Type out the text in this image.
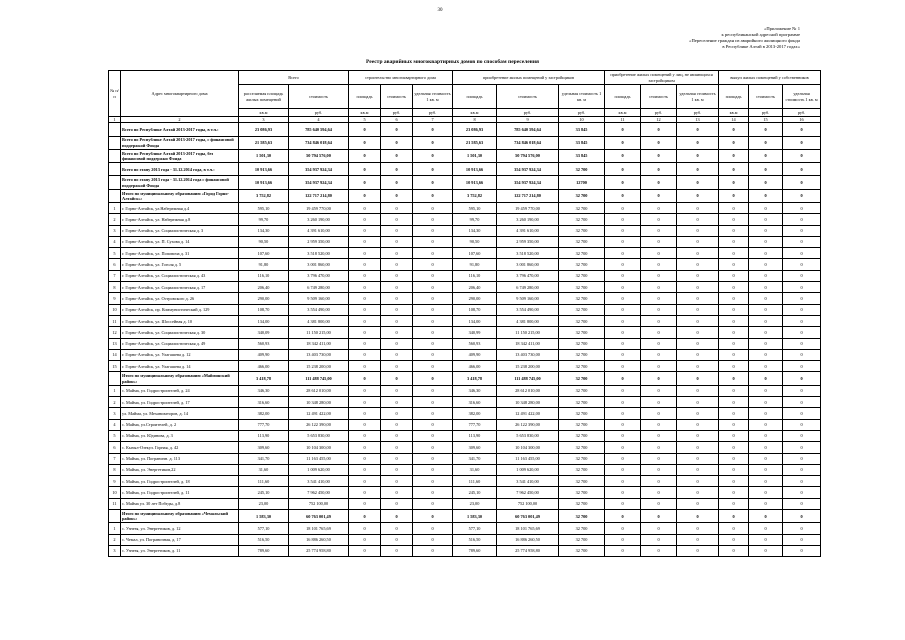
30
«Приложение № 1
к республиканской адресной программе
«Переселение граждан из аварийного жилищного фонда
в Республике Алтай в 2013-2017 годах»
Реестр аварийных многоквартирных домов по способам переселения
№ п/п	Адрес многоквартирного дома	Всего		строительство многоквартирного дома			приобретение жилых помещений у застройщиков			приобретение жилых помещений у лиц, не являющихся застройщиком			выкуп жилых помещений у собственников		
		расселяемая площадь жилых помещений	стоимость	площадь	стоимость	удельная стоимость 1 кв. м	площадь	стоимость	удельная стоимость 1 кв. м	площадь	стоимость	удельная стоимость 1 кв. м	площадь	стоимость	удельная стоимость 1 кв. м
		кв.м	руб.	кв.м	руб.	руб.	кв.м	руб.	руб.	кв.м	руб.	руб.	кв.м	руб.	руб.
1	2	3	4	5	6	7	8	9	10	11	12	13	14	15	16
	Всего по Республике Алтай 2013-2017 годы, в т.ч.:	23 086,93	785 640 594,64	0	0	0	23 086,93	785 640 594,64	33 845	0	0	0	0	0	0
	Всего по Республике Алтай 2013-2017 годы, с финансовой поддержкой Фонда	21 585,63	734 846 018,64	0	0	0	21 585,63	734 846 018,64	33 845	0	0	0	0	0	0
	Всего по Республике Алтай 2013-2017 годы, без финансовой поддержки Фонда	1 501,30	50 794 576,00	0	0	0	1 501,30	50 794 576,00	33 845	0	0	0	0	0	0
	Всего по этапу 2013 года - 31.12.2014 года, в т.ч.:	10 913,66	354 937 924,34	0	0	0	10 913,66	354 937 924,34	32 700	0	0	0	0	0	0
	Всего по этапу 2013 года - 31.12.2014 года с финансовой поддержкой Фонда	10 913,66	354 937 924,34	0	0	0	10 913,66	354 937 924,34	12700	0	0	0	0	0	0
	Итого по муниципальному образованию «Город Горно-Алтайск»:	3 752,82	122 717 214,80	0	0	0	3 752,82	122 717 214,80	32 700	0	0	0	0	0	0
1	г. Горно-Алтайск, ул.Набережная д.4	595,10	19 459 770,00	0	0	0	595,10	19 459 770,00	32 700	0	0	0	0	0	0
2	г. Горно-Алтайск, ул. Набережная д.8	99,70	3 260 190,00	0	0	0	99,70	3 260 190,00	32 700	0	0	0	0	0	0
3	г. Горно-Алтайск, ул. Социалистическая д. 3	134,30	4 391 610,00	0	0	0	134,30	4 391 610,00	32 700	0	0	0	0	0	0
4	г. Горно-Алтайск, ул. П. Сухова д. 14	90,50	2 959 350,00	0	0	0	90,50	2 959 350,00	32 700	0	0	0	0	0	0
5	г. Горно-Алтайск, ул. Поповича д. 31	107,60	3 518 520,00	0	0	0	107,60	3 518 520,00	32 700	0	0	0	0	0	0
6	г. Горно-Алтайск, ул. Гоголя д. 5	91,80	3 001 860,00	0	0	0	91,80	3 001 860,00	32 700	0	0	0	0	0	0
7	г. Горно-Алтайск, ул. Социалистическая д. 43	116,10	3 796 470,00	0	0	0	116,10	3 796 470,00	32 700	0	0	0	0	0	0
8	г. Горно-Алтайск, ул. Социалистическая д. 17	206,40	6 749 280,00	0	0	0	206,40	6 749 280,00	32 700	0	0	0	0	0	0
9	г. Горно-Алтайск, ул. Островского д. 26	290,00	9 509 160,00	0	0	0	290,00	9 509 160,00	32 700	0	0	0	0	0	0
10	г. Горно-Алтайск, пр. Коммунистический д. 129	108,70	3 554 490,00	0	0	0	108,70	3 554 490,00	32 700	0	0	0	0	0	0
11	г. Горно-Алтайск, ул. Шоссейная д. 10	134,00	4 381 800,00	0	0	0	134,00	4 381 800,00	32 700	0	0	0	0	0	0
12	г. Горно-Алтайск, ул. Социалистическая д. 30	340,09	11 150 215,00	0	0	0	340,99	11 150 215,00	32 700	0	0	0	0	0	0
13	г. Горно-Алтайск, ул. Социалистическая д. 49	560,93	18 342 411,00	0	0	0	560,93	18 342 411,00	32 700	0	0	0	0	0	0
14	г. Горно-Алтайск, ул. Улагашева д. 12	409,90	13 403 730,00	0	0	0	409,90	13 403 730,00	32 700	0	0	0	0	0	0
15	г. Горно-Алтайск, ул. Улагашева д. 14	466,00	15 238 200,00	0	0	0	466,00	15 238 200,00	32 700	0	0	0	0	0	0
	Итого по муниципальному образованию «Майминский район»:	3 418,78	111 488 745,00	0	0	0	3 418,78	111 488 745,00	32 700	0	0	0	0	0	0
1	с. Майма, ул. Гидростроителей, д. 24	346,30	28 612 010,00	0	0	0	346,30	28 612 010,00	32 700	0	0	0	0	0	0
2	с. Майма, ул. Гидростроителей, д. 17	316,60	10 348 280,00	0	0	0	316,60	10 348 280,00	32 700	0	0	0	0	0	0
3	ул. Майма, ул. Механизаторов, д. 14	382,00	12 491 422,00	0	0	0	382,00	12 491 422,00	32 700	0	0	0	0	0	0
4	с. Майма, ул.Строителей, д. 2	777,70	26 122 390,00	0	0	0	777,70	26 122 390,00	32 700	0	0	0	0	0	0
5	с. Майма, ул. Юдинова, д. 3	113,90	5 653 830,00	0	0	0	113,90	5 653 830,00	32 700	0	0	0	0	0	0
6	с. Кызыл-Озекул. Горная, д. 42	309,60	10 104 300,00	0	0	0	309,60	10 104 300,00	32 700	0	0	0	0	0	0
7	с. Майма, ул. Пограничн. д. 113	341,70	11 163 455,00	0	0	0	341,70	11 163 455,00	32 700	0	0	0	0	0	0
8	с. Майма, ул. Энергетиков,22	31,60	1 009 620,00	0	0	0	31,60	1 009 620,00	32 700	0	0	0	0	0	0
9	с. Майма, ул. Гидростроителей, д. 18	111,60	3 541 410,00	0	0	0	111,60	3 541 410,00	32 700	0	0	0	0	0	0
10	с. Майма, ул. Гидростроителей, д. 11	245,10	7 962 450,00	0	0	0	245,10	7 962 450,00	32 700	0	0	0	0	0	0
11	с. Майма ул. 30 лет Победы, д.8	23,00	752 100,00	0	0	0	23,00	752 100,00	32 700	0	0	0	0	0	0
	Итого по муниципальному образованию «Чемальский район»:	1 583,30	60 763 001,49	0	0	0	1 583,30	60 763 001,49	32 700	0	0	0	0	0	0
1	с. Узнезя, ул. Энергетиков, д. 12	577,10	18 101 765,69	0	0	0	577,10	18 101 765,69	32 700	0	0	0	0	0	0
2	с. Чемал, ул. Пограничная, д. 17	516,50	16 886 260,50	0	0	0	516,50	16 886 260,50	32 700	0	0	0	0	0	0
3	с. Узнезя, ул. Энергетиков, д. 11	789,60	25 774 958,80	0	0	0	789,60	25 774 958,80	32 700	0	0	0	0	0	0
